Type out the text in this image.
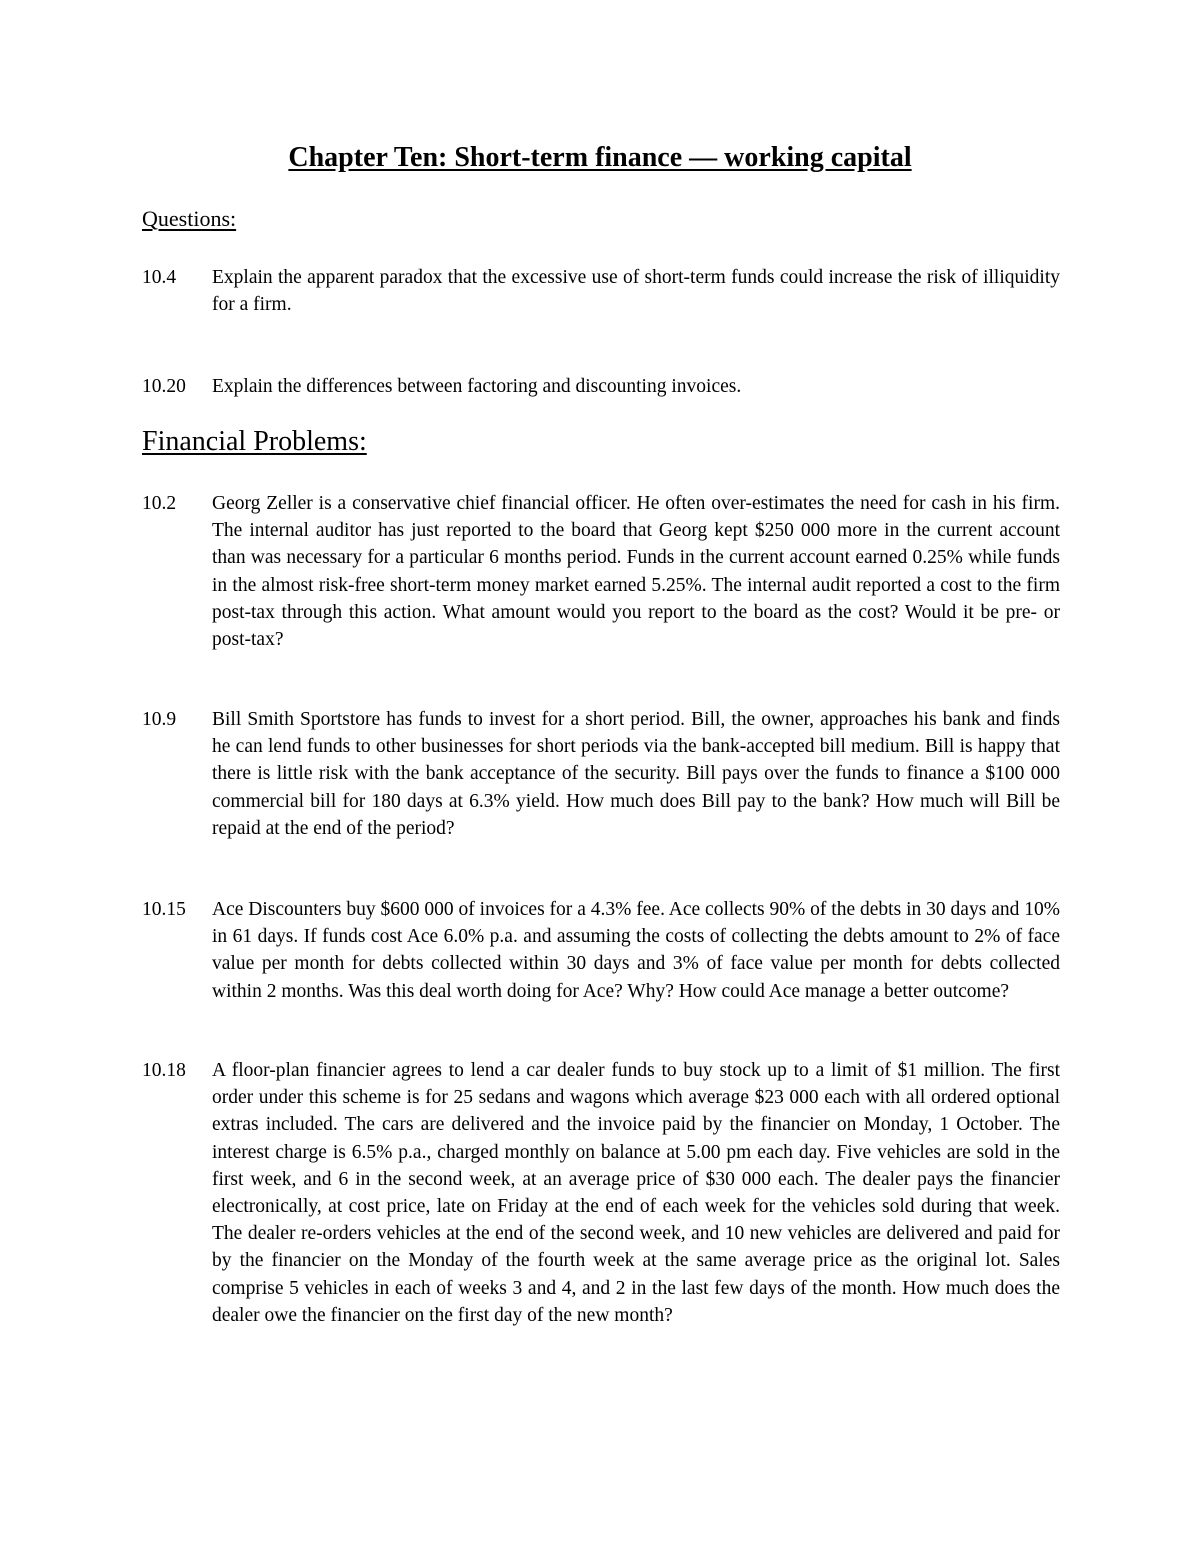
Chapter Ten: Short-term finance — working capital
Questions:
10.4	Explain the apparent paradox that the excessive use of short-term funds could increase the risk of illiquidity for a firm.
10.20	Explain the differences between factoring and discounting invoices.
Financial Problems:
10.2	Georg Zeller is a conservative chief financial officer. He often over-estimates the need for cash in his firm. The internal auditor has just reported to the board that Georg kept $250 000 more in the current account than was necessary for a particular 6 months period. Funds in the current account earned 0.25% while funds in the almost risk-free short-term money market earned 5.25%. The internal audit reported a cost to the firm post-tax through this action. What amount would you report to the board as the cost? Would it be pre- or post-tax?
10.9	Bill Smith Sportstore has funds to invest for a short period. Bill, the owner, approaches his bank and finds he can lend funds to other businesses for short periods via the bank-accepted bill medium. Bill is happy that there is little risk with the bank acceptance of the security. Bill pays over the funds to finance a $100 000 commercial bill for 180 days at 6.3% yield. How much does Bill pay to the bank? How much will Bill be repaid at the end of the period?
10.15	Ace Discounters buy $600 000 of invoices for a 4.3% fee. Ace collects 90% of the debts in 30 days and 10% in 61 days. If funds cost Ace 6.0% p.a. and assuming the costs of collecting the debts amount to 2% of face value per month for debts collected within 30 days and 3% of face value per month for debts collected within 2 months. Was this deal worth doing for Ace? Why? How could Ace manage a better outcome?
10.18	A floor-plan financier agrees to lend a car dealer funds to buy stock up to a limit of $1 million. The first order under this scheme is for 25 sedans and wagons which average $23 000 each with all ordered optional extras included. The cars are delivered and the invoice paid by the financier on Monday, 1 October. The interest charge is 6.5% p.a., charged monthly on balance at 5.00 pm each day. Five vehicles are sold in the first week, and 6 in the second week, at an average price of $30 000 each. The dealer pays the financier electronically, at cost price, late on Friday at the end of each week for the vehicles sold during that week. The dealer re-orders vehicles at the end of the second week, and 10 new vehicles are delivered and paid for by the financier on the Monday of the fourth week at the same average price as the original lot. Sales comprise 5 vehicles in each of weeks 3 and 4, and 2 in the last few days of the month. How much does the dealer owe the financier on the first day of the new month?
